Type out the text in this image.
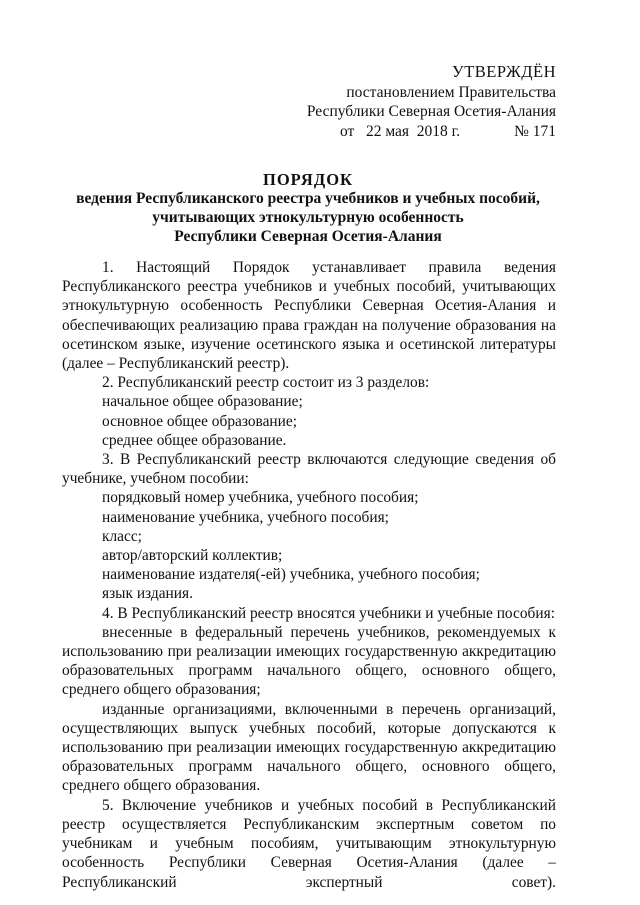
УТВЕРЖДЁН
постановлением Правительства
Республики Северная Осетия-Алания
от   22 мая  2018 г.	№ 171
ПОРЯДОК
ведения Республиканского реестра учебников и учебных пособий,
учитывающих этнокультурную особенность
Республики Северная Осетия-Алания

1. Настоящий Порядок устанавливает правила ведения Республиканского реестра учебников и учебных пособий, учитывающих этнокультурную особенность Республики Северная Осетия-Алания и обеспечивающих реализацию права граждан на получение образования на осетинском языке, изучение осетинского языка и осетинской литературы (далее – Республиканский реестр).

2. Республиканский реестр состоит из 3 разделов:

начальное общее образование;

основное общее образование;

среднее общее образование.

3. В Республиканский реестр включаются следующие сведения об учебнике, учебном пособии:

порядковый номер учебника, учебного пособия;

наименование учебника, учебного пособия;

класс;

автор/авторский коллектив;

наименование издателя(-ей) учебника, учебного пособия;

язык издания.

4. В Республиканский реестр вносятся учебники и учебные пособия:

внесенные в федеральный перечень учебников, рекомендуемых к использованию при реализации имеющих государственную аккредитацию образовательных программ начального общего, основного общего, среднего общего образования;

изданные организациями, включенными в перечень организаций, осуществляющих выпуск учебных пособий, которые допускаются к использованию при реализации имеющих государственную аккредитацию образовательных программ начального общего, основного общего, среднего общего образования.

5. Включение учебников и учебных пособий в Республиканский реестр осуществляется Республиканским экспертным советом по учебникам и учебным пособиям, учитывающим этнокультурную особенность Республики Северная Осетия-Алания (далее – Республиканский экспертный совет).
